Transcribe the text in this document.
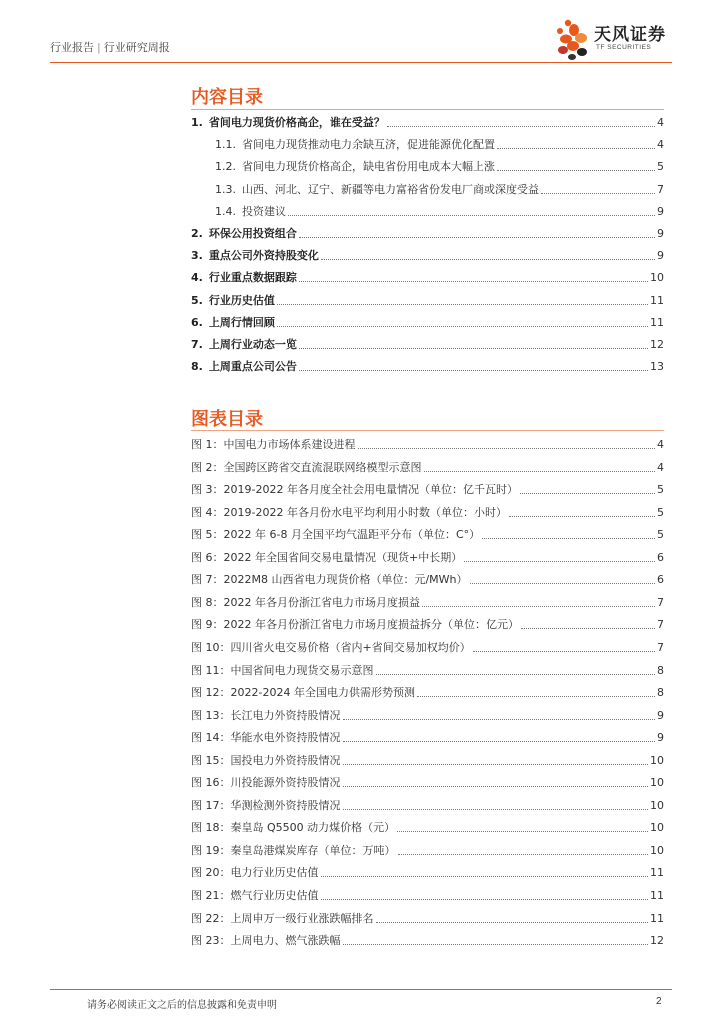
行业报告 | 行业研究周报
天风证券
TF SECURITIES
内容目录
1. 省间电力现货价格高企，谁在受益？	4
1.1. 省间电力现货推动电力余缺互济，促进能源优化配置	4
1.2. 省间电力现货价格高企，缺电省份用电成本大幅上涨	5
1.3. 山西、河北、辽宁、新疆等电力富裕省份发电厂商或深度受益	7
1.4. 投资建议	9
2. 环保公用投资组合	9
3. 重点公司外资持股变化	9
4. 行业重点数据跟踪	10
5. 行业历史估值	11
6. 上周行情回顾	11
7. 上周行业动态一览	12
8. 上周重点公司公告	13
图表目录
图 1：中国电力市场体系建设进程	4
图 2：全国跨区跨省交直流混联网络模型示意图	4
图 3：2019-2022 年各月度全社会用电量情况（单位：亿千瓦时）	5
图 4：2019-2022 年各月份水电平均利用小时数（单位：小时）	5
图 5：2022 年 6-8 月全国平均气温距平分布（单位：C°）	5
图 6：2022 年全国省间交易电量情况（现货+中长期）	6
图 7：2022M8 山西省电力现货价格（单位：元/MWh）	6
图 8：2022 年各月份浙江省电力市场月度损益	7
图 9：2022 年各月份浙江省电力市场月度损益拆分（单位：亿元）	7
图 10：四川省火电交易价格（省内+省间交易加权均价）	7
图 11：中国省间电力现货交易示意图	8
图 12：2022-2024 年全国电力供需形势预测	8
图 13：长江电力外资持股情况	9
图 14：华能水电外资持股情况	9
图 15：国投电力外资持股情况	10
图 16：川投能源外资持股情况	10
图 17：华测检测外资持股情况	10
图 18：秦皇岛 Q5500 动力煤价格（元）	10
图 19：秦皇岛港煤炭库存（单位：万吨）	10
图 20：电力行业历史估值	11
图 21：燃气行业历史估值	11
图 22：上周申万一级行业涨跌幅排名	11
图 23：上周电力、燃气涨跌幅	12
请务必阅读正文之后的信息披露和免责申明	2
